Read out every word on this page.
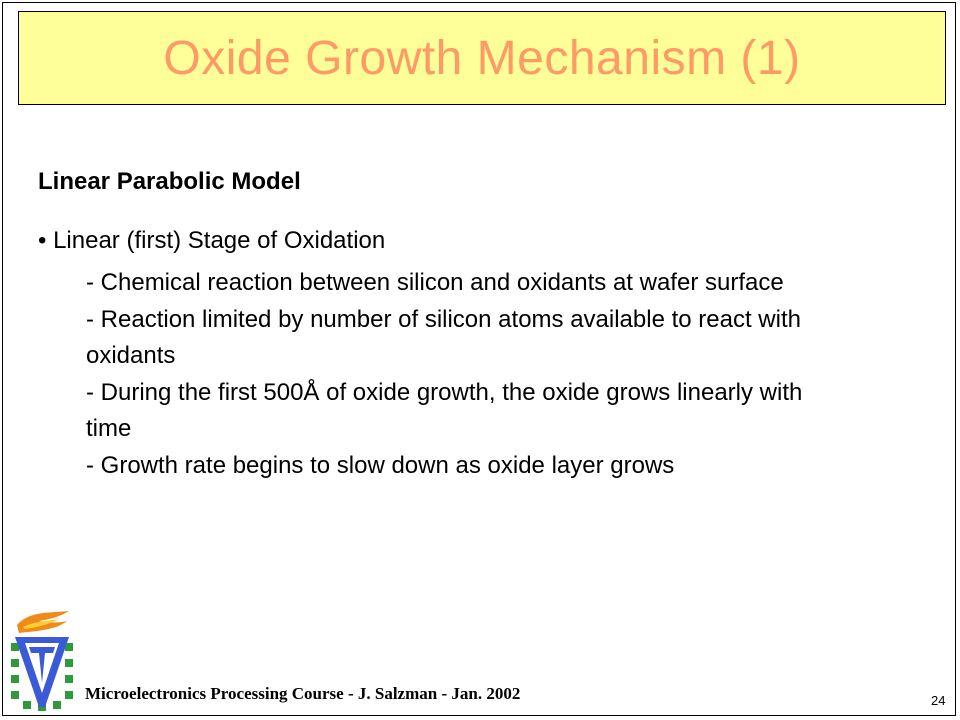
Oxide Growth Mechanism (1)
Linear Parabolic Model
• Linear (first) Stage of Oxidation

- Chemical reaction between silicon and oxidants at wafer surface

- Reaction limited by number of silicon atoms available to react with oxidants

- During the first 500Å of oxide growth, the oxide grows linearly with time

- Growth rate begins to slow down as oxide layer grows

Microelectronics Processing Course - J. Salzman - Jan. 2002	24
